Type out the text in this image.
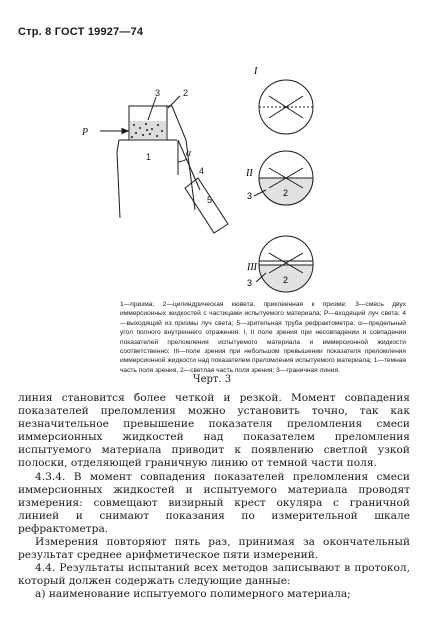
Стр. 8 ГОСТ 19927—74
P
1
2
3
4
5
α
I
II
2
3
III
2
3
1—призма; 2—цилиндрическая кювета, приклеенная к призме; 3—смесь двух иммерсионных жидкостей с частицами испытуемого материала; Р—входящий луч света; 4—выходящий из призмы луч света; 5—зрительная труба рефрактометра; α—предельный угол полного внутреннего отражения. I, II поле зрения при несовпадении и совпадении показателей преломления испытуемого материала и иммерсионной жидкости соответственно; III—поле зрения при небольшом превышении показателя преломления иммерсионной жидкости над показателем преломления испытуемого материала; 1—темная часть поля зрения, 2—светлая часть поля зрения; 3—граничная линия.
Черт. 3

линия становится более четкой и резкой. Момент совпадения показателей преломления можно установить точно, так как незначительное превышение показателя преломления смеси иммерсионных жидкостей над показателем преломления испытуемого материала приводит к появлению светлой узкой полоски, отделяющей граничную линию от темной части поля.

4.3.4. В момент совпадения показателей преломления смеси иммерсионных жидкостей и испытуемого материала проводят измерения: совмещают визирный крест окуляра с граничной линией и снимают показания по измерительной шкале рефрактометра.

Измерения повторяют пять раз, принимая за окончательный результат среднее арифметическое пяти измерений.

4.4. Результаты испытаний всех методов записывают в протокол, который должен содержать следующие данные:

а) наименование испытуемого полимерного материала;
